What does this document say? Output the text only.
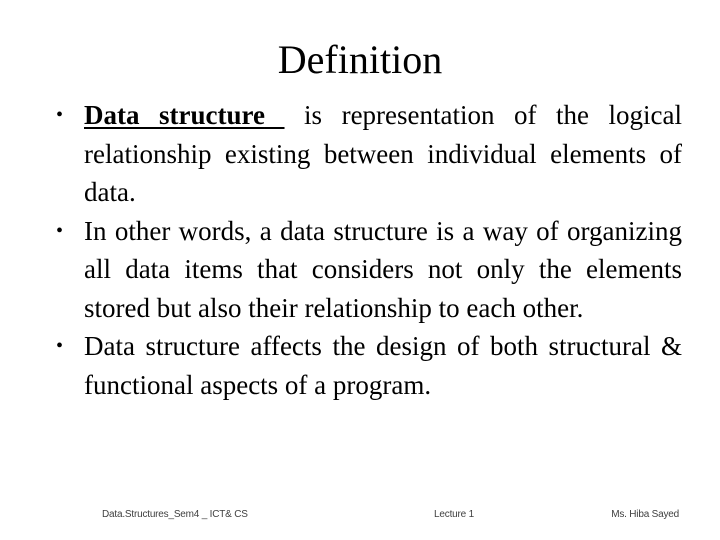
Definition
• Data structure is representation of the logical relationship existing between individual elements of data.
• In other words, a data structure is a way of organizing all data items that considers not only the elements stored but also their relationship to each other.
• Data structure affects the design of both structural & functional aspects of a program.
Data.Structures_Sem4 _ ICT& CS	Lecture 1	Ms. Hiba Sayed
